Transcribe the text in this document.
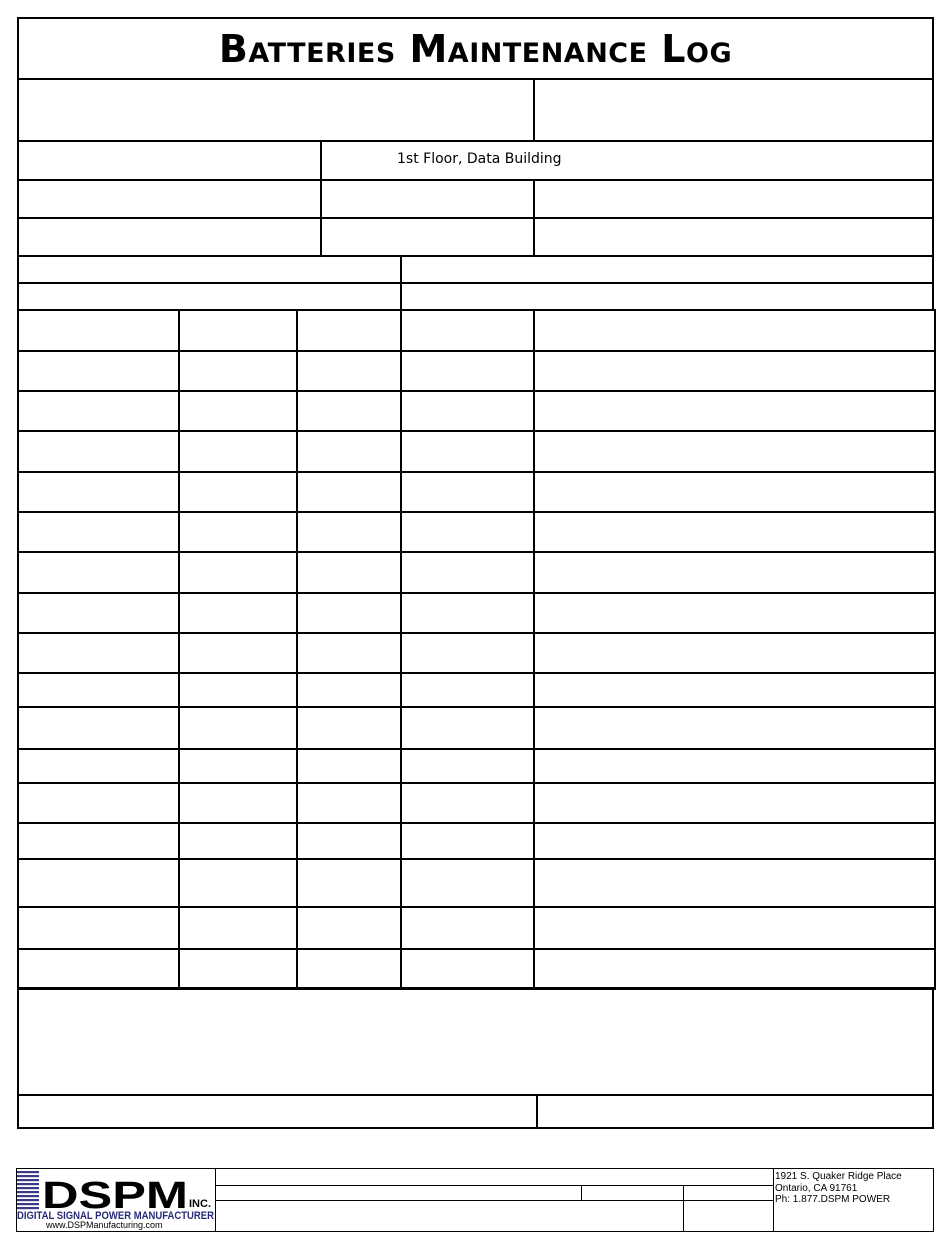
Batteries Maintenance Log
1st Floor, Data Building
DSPM INC.
DIGITAL SIGNAL POWER MANUFACTURER
www.DSPManufacturing.com
1921 S. Quaker Ridge Place
Ontario, CA 91761
Ph: 1.877.DSPM POWER
